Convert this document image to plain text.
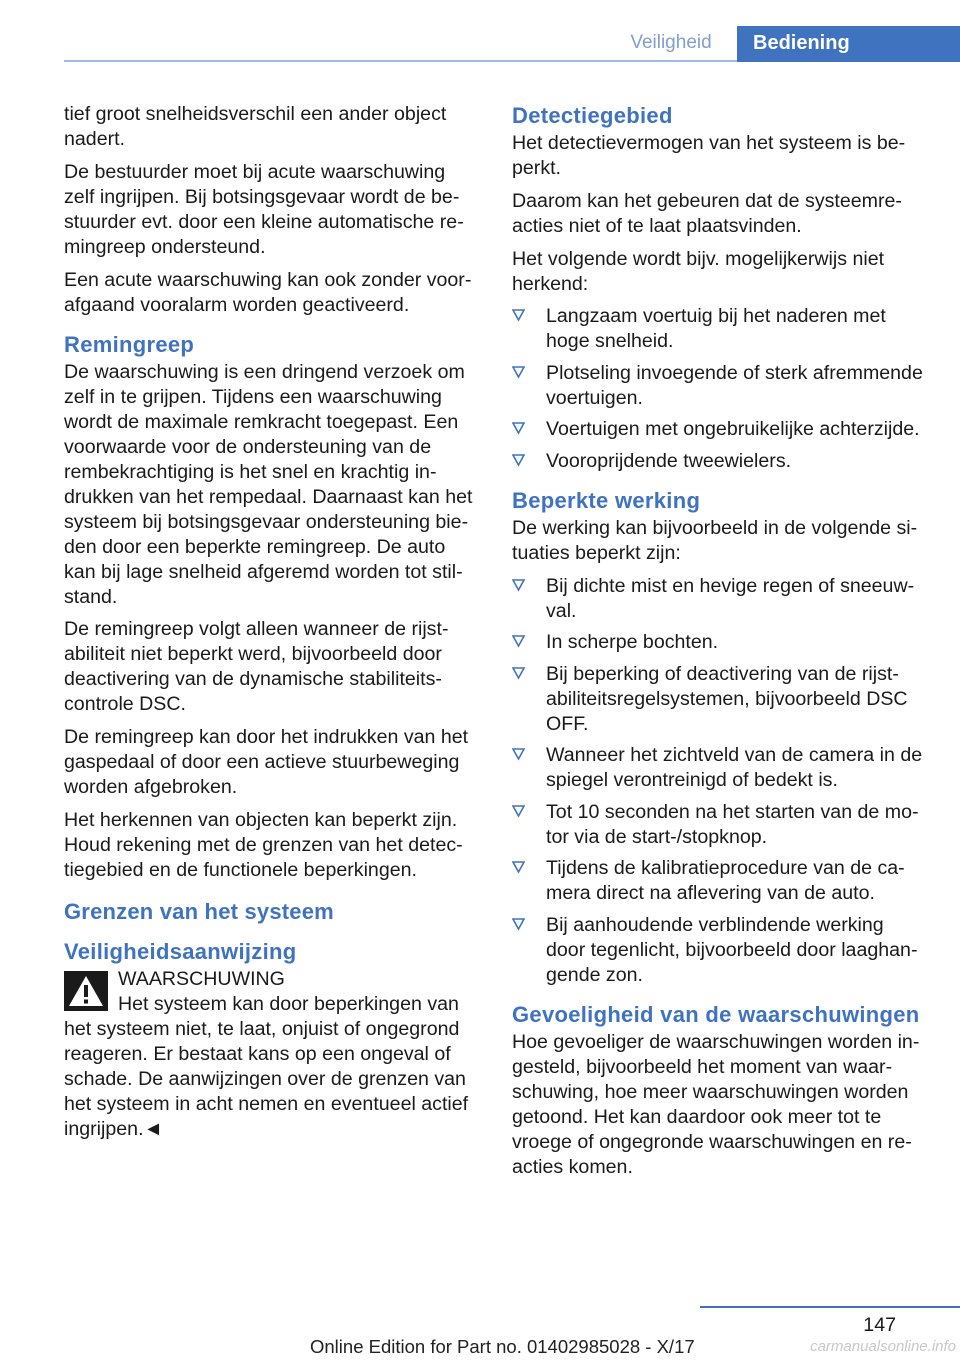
Veiligheid	Bediening

tief groot snelheidsverschil een ander object nadert.

De bestuurder moet bij acute waarschuwing zelf ingrijpen. Bij botsingsgevaar wordt de bestuurder evt. door een kleine automatische remingreep ondersteund.

Een acute waarschuwing kan ook zonder voorafgaand vooralarm worden geactiveerd.

Remingreep

De waarschuwing is een dringend verzoek om zelf in te grijpen. Tijdens een waarschuwing wordt de maximale remkracht toegepast. Een voorwaarde voor de ondersteuning van de rembekrachtiging is het snel en krachtig indrukken van het rempedaal. Daarnaast kan het systeem bij botsingsgevaar ondersteuning bieden door een beperkte remingreep. De auto kan bij lage snelheid afgeremd worden tot stilstand.

De remingreep volgt alleen wanneer de rijstabiliteit niet beperkt werd, bijvoorbeeld door deactivering van de dynamische stabiliteitscontrole DSC.

De remingreep kan door het indrukken van het gaspedaal of door een actieve stuurbeweging worden afgebroken.

Het herkennen van objecten kan beperkt zijn. Houd rekening met de grenzen van het detectiegebied en de functionele beperkingen.

Grenzen van het systeem
Veiligheidsaanwijzing
WAARSCHUWING
Het systeem kan door beperkingen van het systeem niet, te laat, onjuist of ongegrond reageren. Er bestaat kans op een ongeval of schade. De aanwijzingen over de grenzen van het systeem in acht nemen en eventueel actief ingrijpen.◄
Detectiegebied

Het detectievermogen van het systeem is beperkt.

Daarom kan het gebeuren dat de systeemreacties niet of te laat plaatsvinden.

Het volgende wordt bijv. mogelijkerwijs niet herkend:

Langzaam voertuig bij het naderen met hoge snelheid.
Plotseling invoegende of sterk afremmende voertuigen.
Voertuigen met ongebruikelijke achterzijde.
Vooroprijdende tweewielers.
Beperkte werking

De werking kan bijvoorbeeld in de volgende situaties beperkt zijn:

Bij dichte mist en hevige regen of sneeuwval.
In scherpe bochten.
Bij beperking of deactivering van de rijstabiliteitsregelsystemen, bijvoorbeeld DSC OFF.
Wanneer het zichtveld van de camera in de spiegel verontreinigd of bedekt is.
Tot 10 seconden na het starten van de motor via de start-/stopknop.
Tijdens de kalibratieprocedure van de camera direct na aflevering van de auto.
Bij aanhoudende verblindende werking door tegenlicht, bijvoorbeeld door laaghangende zon.
Gevoeligheid van de waarschuwingen

Hoe gevoeliger de waarschuwingen worden ingesteld, bijvoorbeeld het moment van waarschuwing, hoe meer waarschuwingen worden getoond. Het kan daardoor ook meer tot te vroege of ongegronde waarschuwingen en reacties komen.

147
Online Edition for Part no. 01402985028 - X/17	carmanualsonline.info
